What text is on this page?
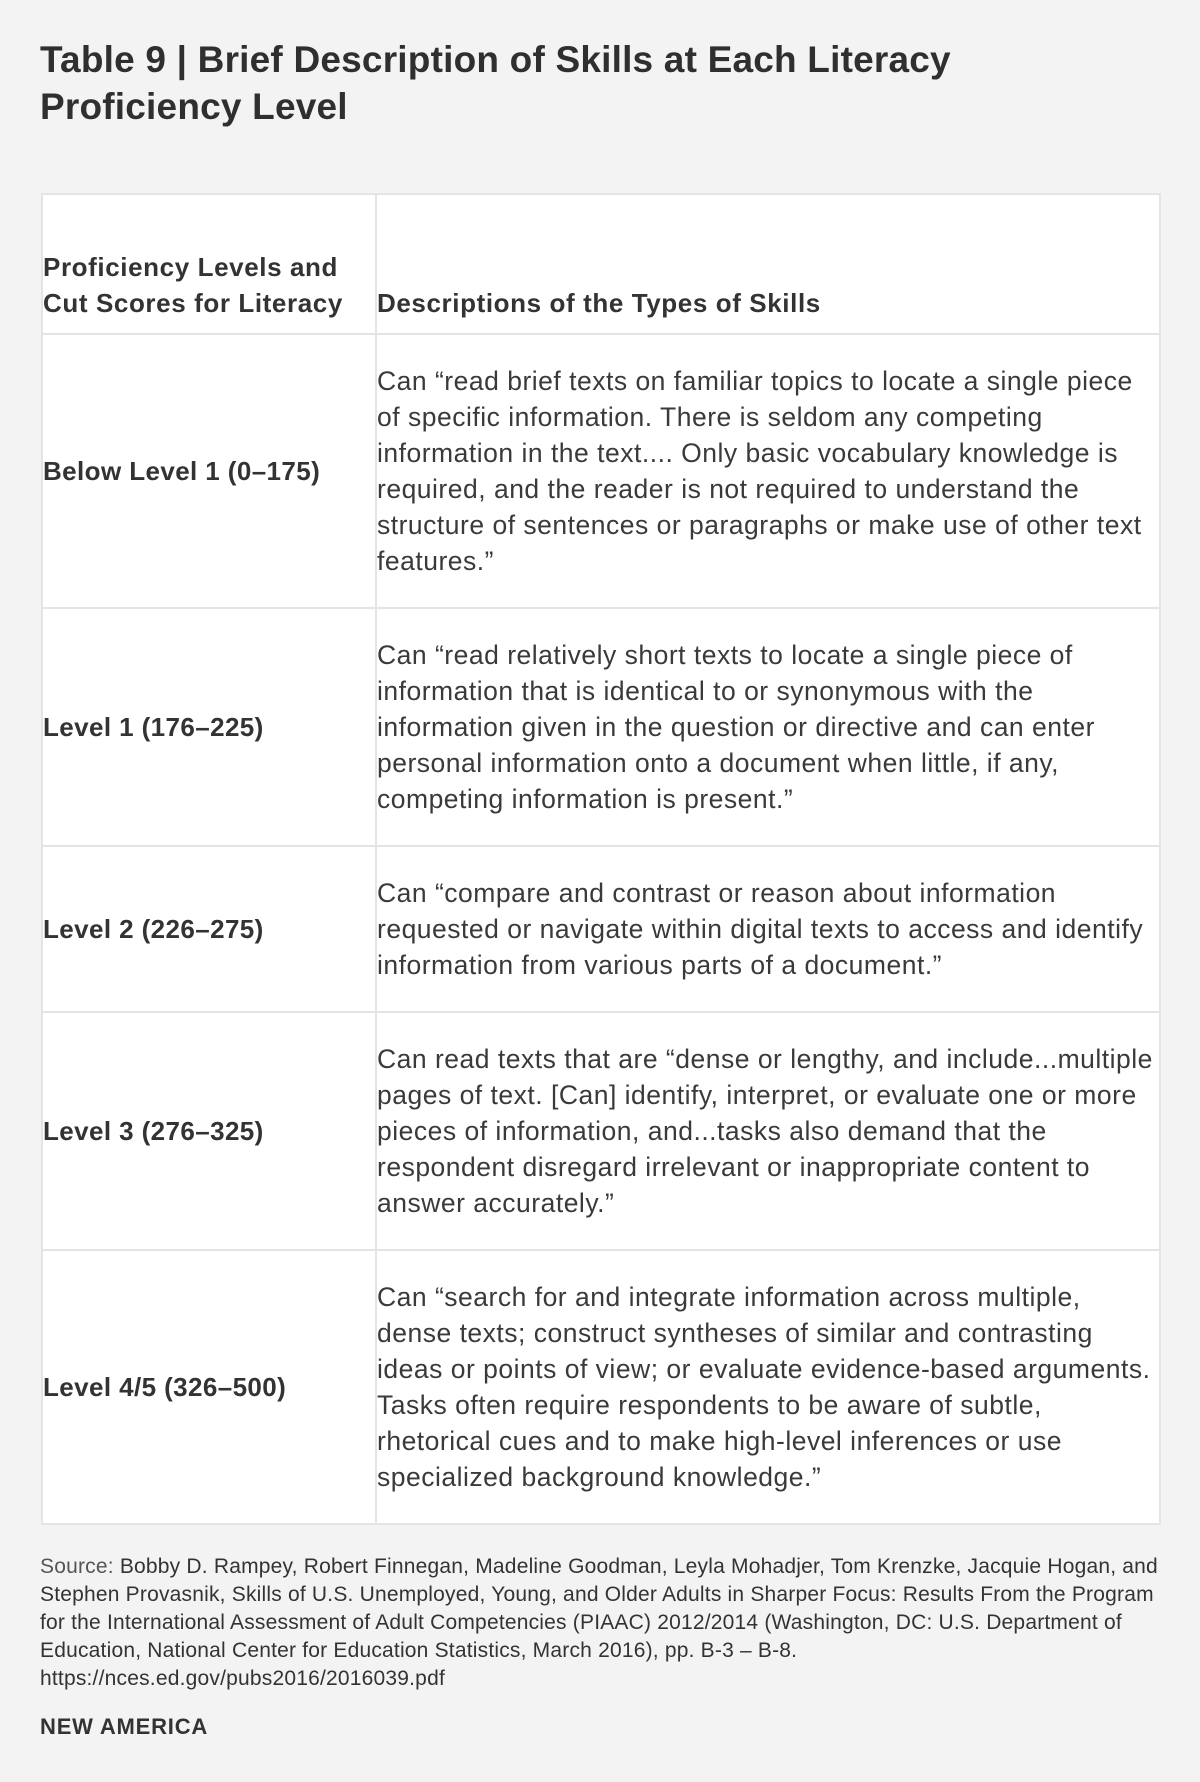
Table 9 | Brief Description of Skills at Each Literacy Proficiency Level
Proficiency Levels and Cut Scores for Literacy	Descriptions of the Types of Skills
Below Level 1 (0–175)	Can “read brief texts on familiar topics to locate a single piece of specific information. There is seldom any competing information in the text.... Only basic vocabulary knowledge is required, and the reader is not required to understand the structure of sentences or paragraphs or make use of other text features.”
Level 1 (176–225)	Can “read relatively short texts to locate a single piece of information that is identical to or synonymous with the information given in the question or directive and can enter personal information onto a document when little, if any, competing information is present.”
Level 2 (226–275)	Can “compare and contrast or reason about information requested or navigate within digital texts to access and identify information from various parts of a document.”
Level 3 (276–325)	Can read texts that are “dense or lengthy, and include...multiple pages of text. [Can] identify, interpret, or evaluate one or more pieces of information, and...tasks also demand that the respondent disregard irrelevant or inappropriate content to answer accurately.”
Level 4/5 (326–500)	Can “search for and integrate information across multiple, dense texts; construct syntheses of similar and contrasting ideas or points of view; or evaluate evidence-based arguments. Tasks often require respondents to be aware of subtle, rhetorical cues and to make high-level inferences or use specialized background knowledge.”

Source: Bobby D. Rampey, Robert Finnegan, Madeline Goodman, Leyla Mohadjer, Tom Krenzke, Jacquie Hogan, and Stephen Provasnik, Skills of U.S. Unemployed, Young, and Older Adults in Sharper Focus: Results From the Program for the International Assessment of Adult Competencies (PIAAC) 2012/2014 (Washington, DC: U.S. Department of Education, National Center for Education Statistics, March 2016), pp. B-3 – B-8. https://nces.ed.gov/pubs2016/2016039.pdf

NEW AMERICA
